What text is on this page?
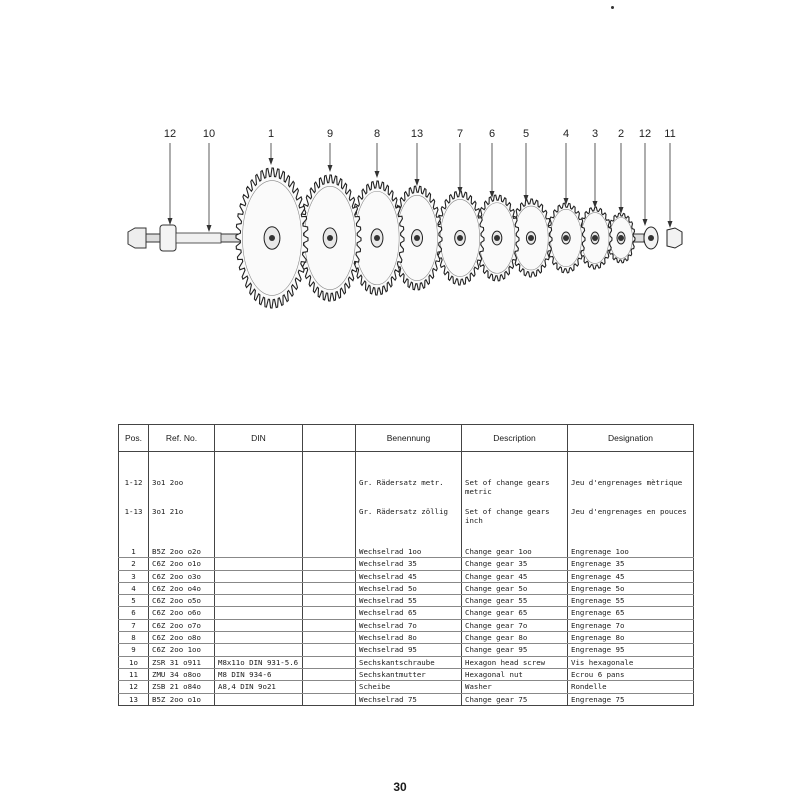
12 10	1	9	8	13	7 6	5	4 3 2 12 11
Pos.	Ref. No.	DIN		Benennung	Description	Designation

1-12	3o1 2oo			Gr. Rädersatz metr.	Set of change gears metric	Jeu d'engrenages mètrique
1-13	3o1 21o			Gr. Rädersatz zöllig	Set of change gears inch	Jeu d'engrenages en pouces

1	B5Z 2oo o2o			Wechselrad 1oo	Change gear 1oo	Engrenage 1oo
2	C6Z 2oo o1o			Wechselrad 35	Change gear 35	Engrenage 35
3	C6Z 2oo o3o			Wechselrad 45	Change gear 45	Engrenage 45
4	C6Z 2oo o4o			Wechselrad 5o	Change gear 5o	Engrenage 5o
5	C6Z 2oo o5o			Wechselrad 55	Change gear 55	Engrenage 55
6	C6Z 2oo o6o			Wechselrad 65	Change gear 65	Engrenage 65
7	C6Z 2oo o7o			Wechselrad 7o	Change gear 7o	Engrenage 7o
8	C6Z 2oo o8o			Wechselrad 8o	Change gear 8o	Engrenage 8o
9	C6Z 2oo 1oo			Wechselrad 95	Change gear 95	Engrenage 95
1o	ZSR 31 o911	M8x11o DIN 931-5.6		Sechskantschraube	Hexagon head screw	Vis hexagonale
11	ZMU 34 o8oo	M8 DIN 934-6		Sechskantmutter	Hexagonal nut	Ecrou 6 pans
12	ZSB 21 o84o	A8,4 DIN 9o21		Scheibe	Washer	Rondelle
13	B5Z 2oo o1o			Wechselrad 75	Change gear 75	Engrenage 75
30
